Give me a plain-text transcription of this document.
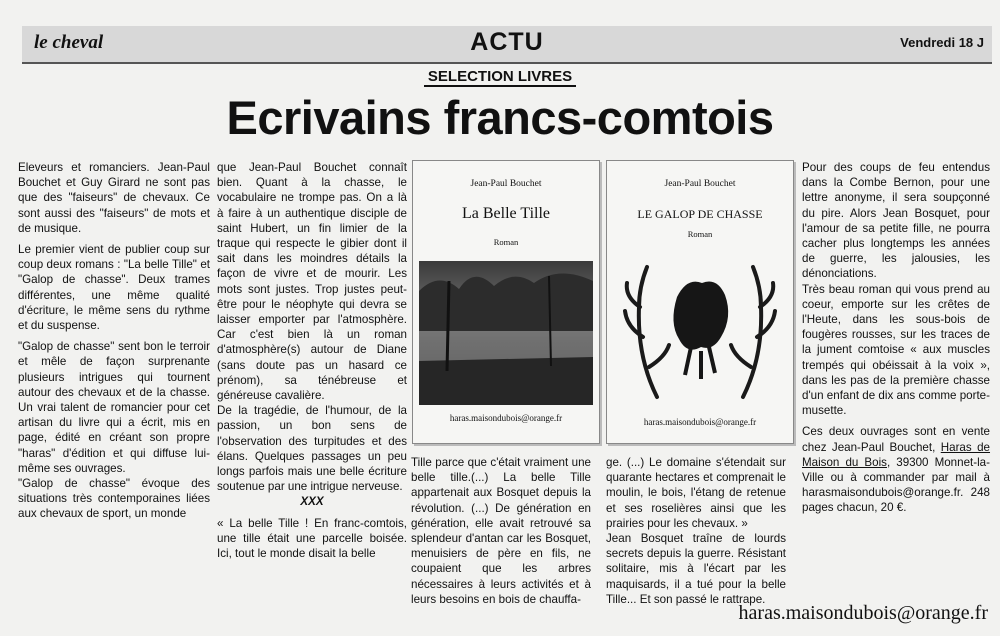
le cheval	ACTU	Vendredi 18 J
SELECTION LIVRES
Ecrivains francs-comtois

Eleveurs et romanciers. Jean-Paul Bouchet et Guy Girard ne sont pas que des "faiseurs" de chevaux. Ce sont aussi des "faiseurs" de mots et de musique.

Le premier vient de publier coup sur coup deux romans : "La belle Tille" et "Galop de chasse". Deux trames différentes, une même qualité d'écriture, le même sens du rythme et du suspense.

"Galop de chasse" sent bon le terroir et mêle de façon surprenante plusieurs intrigues qui tournent autour des chevaux et de la chasse. Un vrai talent de romancier pour cet artisan du livre qui a écrit, mis en page, édité en créant son propre "haras" d'édition et qui diffuse lui-même ses ouvrages.

"Galop de chasse" évoque des situations très contemporaines liées aux chevaux de sport, un monde

que Jean-Paul Bouchet connaît bien. Quant à la chasse, le vocabulaire ne trompe pas. On a là à faire à un authentique disciple de saint Hubert, un fin limier de la traque qui respecte le gibier dont il sait dans les moindres détails la façon de vivre et de mourir. Les mots sont justes. Trop justes peut-être pour le néophyte qui devra se laisser emporter par l'atmosphère. Car c'est bien là un roman d'atmosphère(s) autour de Diane (sans doute pas un hasard ce prénom), sa ténébreuse et généreuse cavalière.

De la tragédie, de l'humour, de la passion, un bon sens de l'observation des turpitudes et des élans. Quelques passages un peu longs parfois mais une belle écriture soutenue par une intrigue nerveuse.

XXX

« La belle Tille ! En franc-comtois, une tille était une parcelle boisée. Ici, tout le monde disait la belle

Jean-Paul Bouchet
La Belle Tille
Roman
haras.maisondubois@orange.fr
Jean-Paul Bouchet
LE GALOP DE CHASSE
Roman
haras.maisondubois@orange.fr

Tille parce que c'était vraiment une belle tille.(...) La belle Tille appartenait aux Bosquet depuis la révolution. (...) De génération en génération, elle avait retrouvé sa splendeur d'antan car les Bosquet, menuisiers de père en fils, ne coupaient que les arbres nécessaires à leurs activités et à leurs besoins en bois de chauffa-

ge. (...) Le domaine s'étendait sur quarante hectares et comprenait le moulin, le bois, l'étang de retenue et ses roselières ainsi que les prairies pour les chevaux. »

Jean Bosquet traîne de lourds secrets depuis la guerre. Résistant solitaire, mis à l'écart par les maquisards, il a tué pour la belle Tille... Et son passé le rattrape.

Pour des coups de feu entendus dans la Combe Bernon, pour une lettre anonyme, il sera soupçonné du pire. Alors Jean Bosquet, pour l'amour de sa petite fille, ne pourra cacher plus longtemps les années de guerre, les jalousies, les dénonciations.

Très beau roman qui vous prend au coeur, emporte sur les crêtes de l'Heute, dans les sous-bois de fougères rousses, sur les traces de la jument comtoise « aux muscles trempés qui obéissait à la voix », dans les pas de la première chasse d'un enfant de dix ans comme porte-musette.

Ces deux ouvrages sont en vente chez Jean-Paul Bouchet, Haras de Maison du Bois, 39300 Monnet-la-Ville ou à commander par mail à harasmaisondubois@orange.fr. 248 pages chacun, 20 €.

haras.maisondubois@orange.fr
